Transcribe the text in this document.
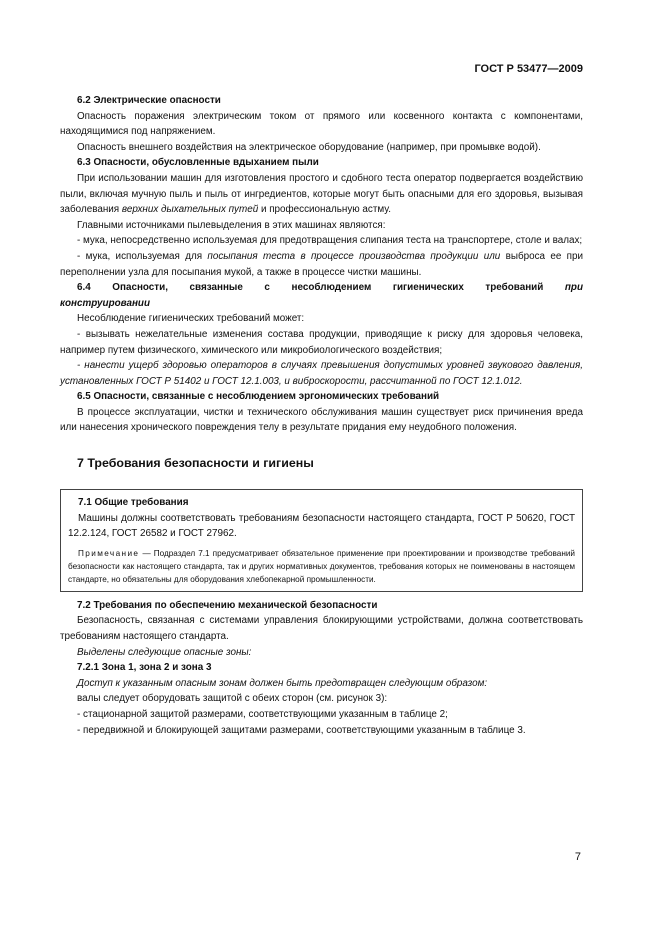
ГОСТ Р 53477—2009

6.2 Электрические опасности

Опасность поражения электрическим током от прямого или косвенного контакта с компонентами, находящимися под напряжением.

Опасность внешнего воздействия на электрическое оборудование (например, при промывке водой).

6.3 Опасности, обусловленные вдыханием пыли

При использовании машин для изготовления простого и сдобного теста оператор подвергается воздействию пыли, включая мучную пыль и пыль от ингредиентов, которые могут быть опасными для его здоровья, вызывая заболевания верхних дыхательных путей и профессиональную астму.

Главными источниками пылевыделения в этих машинах являются:

- мука, непосредственно используемая для предотвращения слипания теста на транспортере, столе и валах;

- мука, используемая для посыпания теста в процессе производства продукции или выброса ее при переполнении узла для посыпания мукой, а также в процессе чистки машины.

6.4 Опасности, связанные с несоблюдением гигиенических требований при

конструировании

Несоблюдение гигиенических требований может:

- вызывать нежелательные изменения состава продукции, приводящие к риску для здоровья человека, например путем физического, химического или микробиологического воздействия;

- нанести ущерб здоровью операторов в случаях превышения допустимых уровней звукового давления, установленных ГОСТ Р 51402 и ГОСТ 12.1.003, и виброскорости, рассчитанной по ГОСТ 12.1.012.

6.5 Опасности, связанные с несоблюдением эргономических требований

В процессе эксплуатации, чистки и технического обслуживания машин существует риск причинения вреда или нанесения хронического повреждения телу в результате придания ему неудобного положения.

7 Требования безопасности и гигиены

7.1 Общие требования

Машины должны соответствовать требованиям безопасности настоящего стандарта, ГОСТ Р 50620, ГОСТ 12.2.124, ГОСТ 26582 и ГОСТ 27962.

Примечание — Подраздел 7.1 предусматривает обязательное применение при проектировании и производстве требований безопасности как настоящего стандарта, так и других нормативных документов, требования которых не поименованы в настоящем стандарте, но обязательны для оборудования хлебопекарной промышленности.

7.2 Требования по обеспечению механической безопасности

Безопасность, связанная с системами управления блокирующими устройствами, должна соответствовать требованиям настоящего стандарта.

Выделены следующие опасные зоны:

7.2.1 Зона 1, зона 2 и зона 3

Доступ к указанным опасным зонам должен быть предотвращен следующим образом:

валы следует оборудовать защитой с обеих сторон (см. рисунок 3):

- стационарной защитой размерами, соответствующими указанным в таблице 2;

- передвижной и блокирующей защитами размерами, соответствующими указанным в таблице 3.

7
